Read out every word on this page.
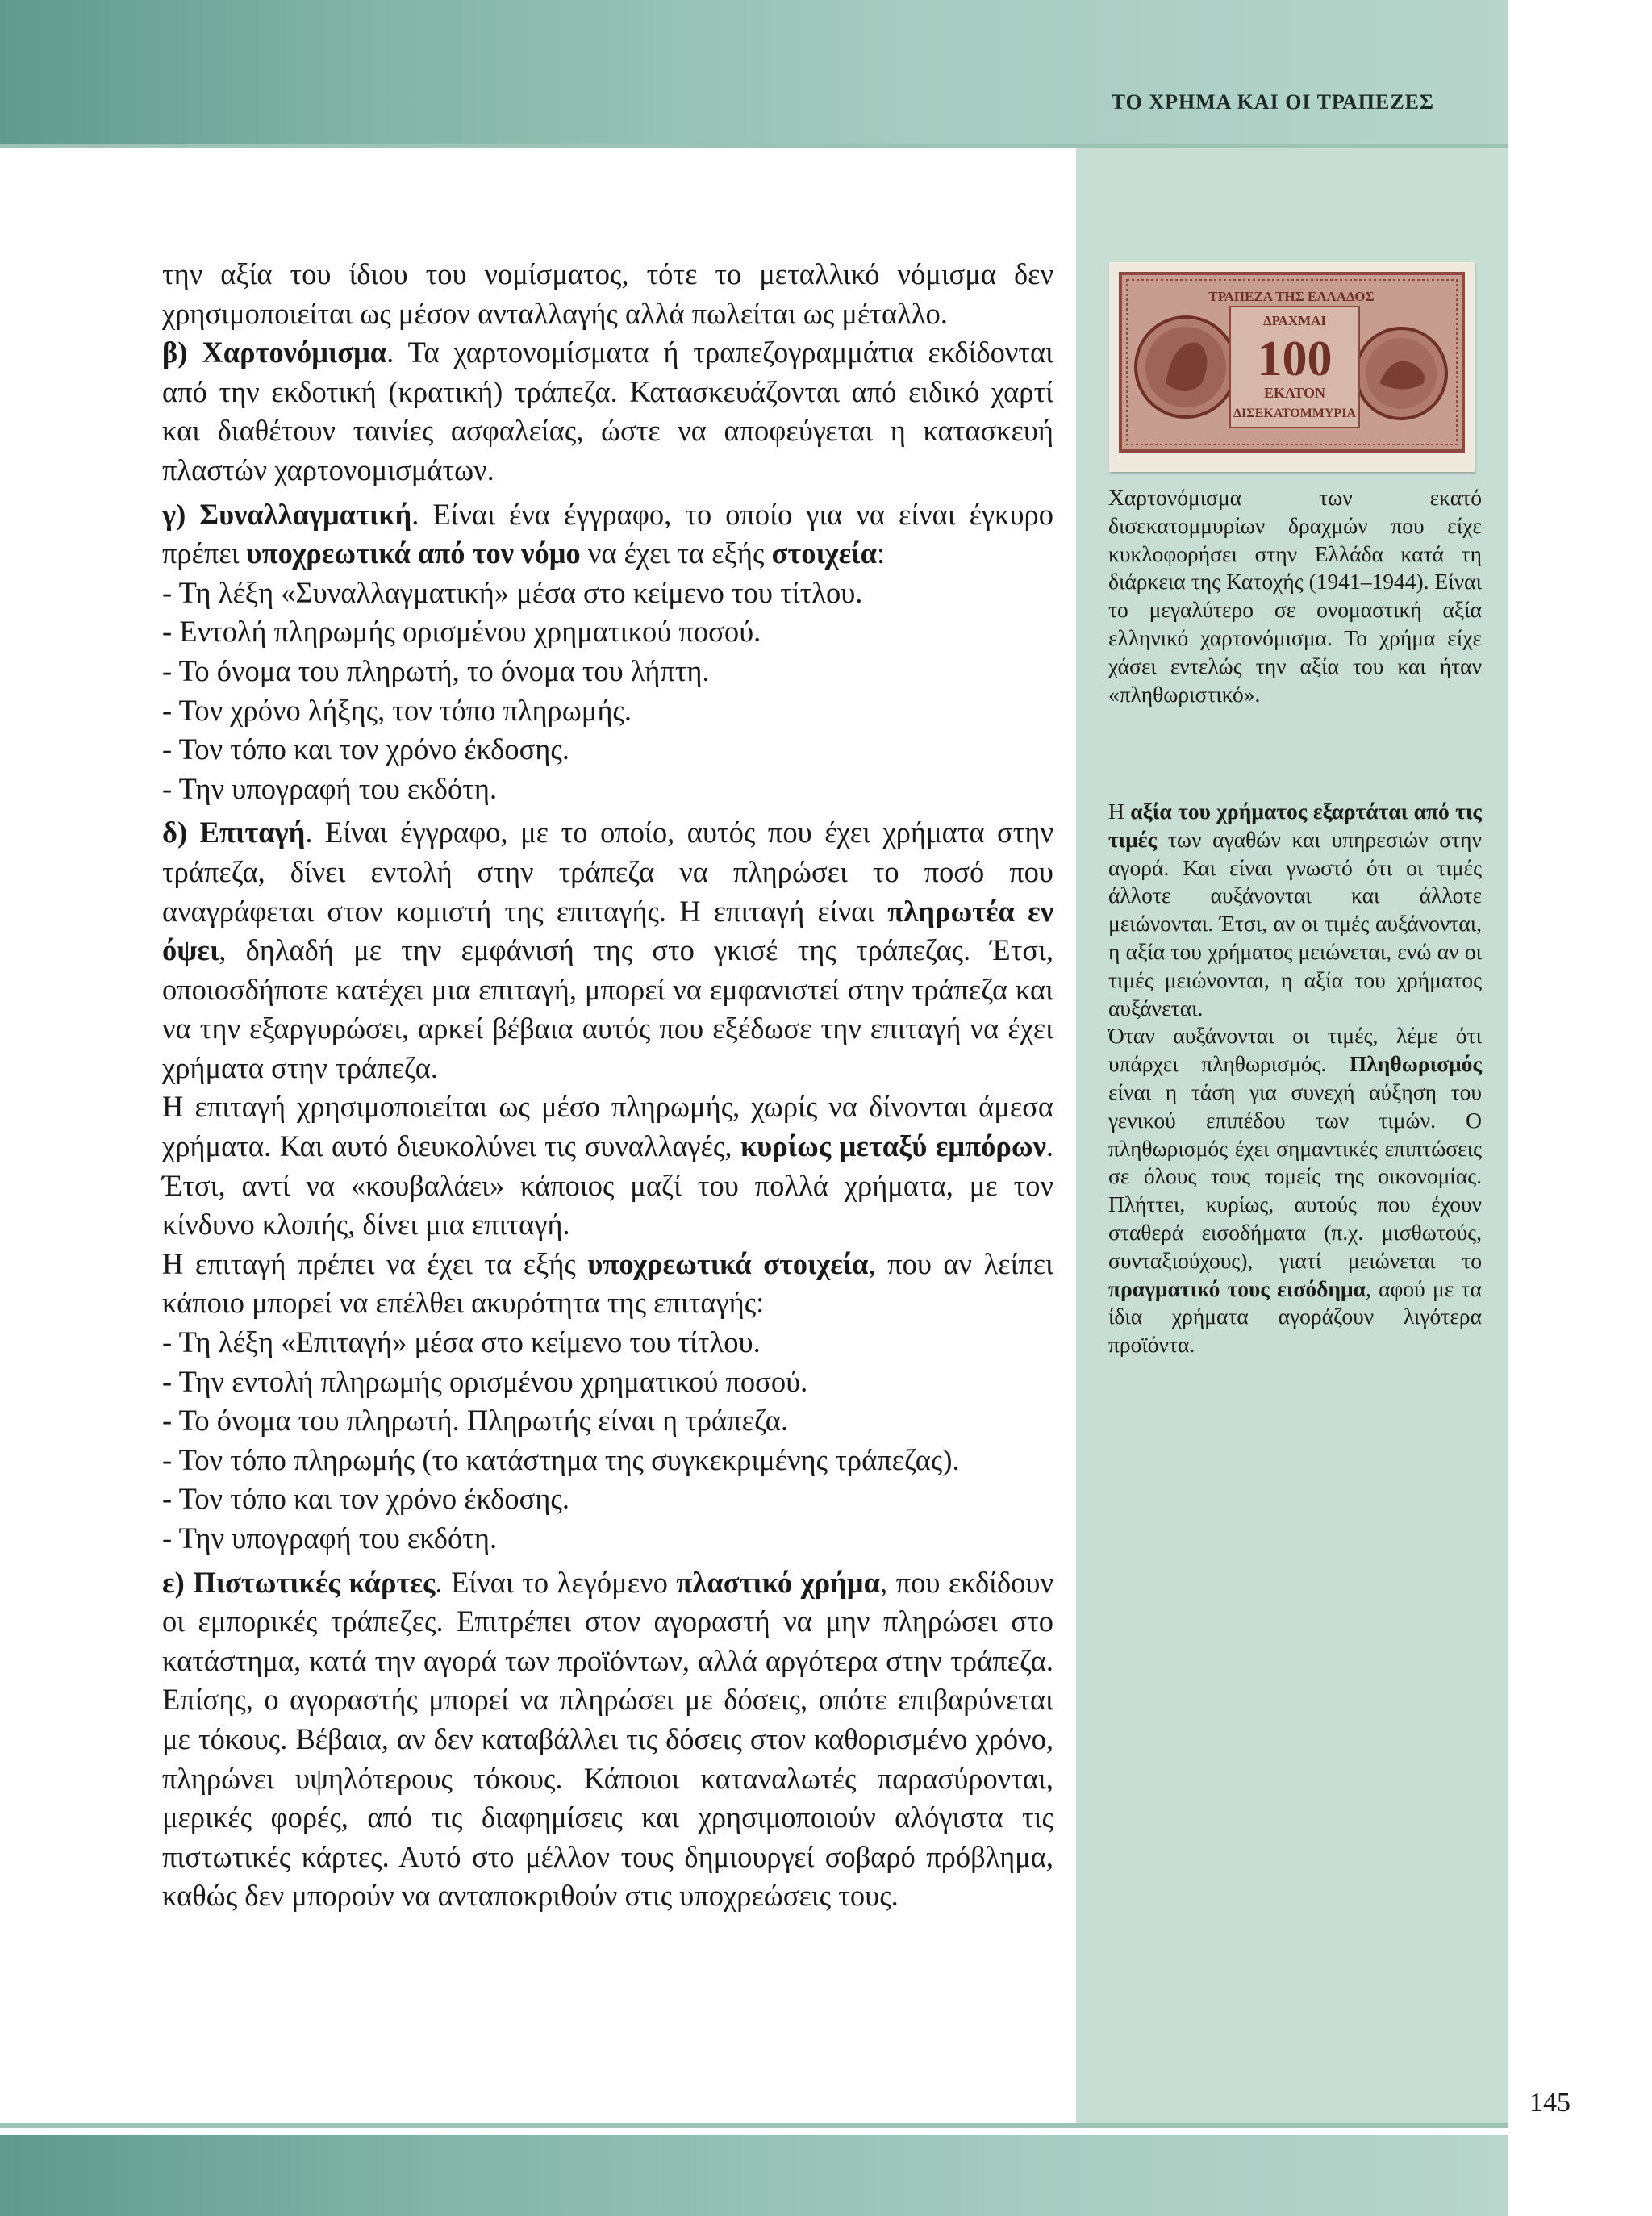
ΤΟ ΧΡΗΜΑ ΚΑΙ ΟΙ ΤΡΑΠΕΖΕΣ

την αξία του ίδιου του νομίσματος, τότε το μεταλλικό νόμισμα δεν χρησιμοποιείται ως μέσον ανταλλαγής αλλά πωλείται ως μέταλλο.

β) Χαρτονόμισμα. Τα χαρτονομίσματα ή τραπεζογραμμάτια εκδίδονται από την εκδοτική (κρατική) τράπεζα. Κατασκευάζονται από ειδικό χαρτί και διαθέτουν ταινίες ασφαλείας, ώστε να αποφεύγεται η κατασκευή πλαστών χαρτονομισμάτων.

γ) Συναλλαγματική. Είναι ένα έγγραφο, το οποίο για να είναι έγκυρο πρέπει υποχρεωτικά από τον νόμο να έχει τα εξής στοιχεία:

- Τη λέξη «Συναλλαγματική» μέσα στο κείμενο του τίτλου.

- Εντολή πληρωμής ορισμένου χρηματικού ποσού.

- Το όνομα του πληρωτή, το όνομα του λήπτη.

- Τον χρόνο λήξης, τον τόπο πληρωμής.

- Τον τόπο και τον χρόνο έκδοσης.

- Την υπογραφή του εκδότη.

δ) Επιταγή. Είναι έγγραφο, με το οποίο, αυτός που έχει χρήματα στην τράπεζα, δίνει εντολή στην τράπεζα να πληρώσει το ποσό που αναγράφεται στον κομιστή της επιταγής. Η επιταγή είναι πληρωτέα εν όψει, δηλαδή με την εμφάνισή της στο γκισέ της τράπεζας. Έτσι, οποιοσδήποτε κατέχει μια επιταγή, μπορεί να εμφανιστεί στην τράπεζα και να την εξαργυρώσει, αρκεί βέβαια αυτός που εξέδωσε την επιταγή να έχει χρήματα στην τράπεζα.

Η επιταγή χρησιμοποιείται ως μέσο πληρωμής, χωρίς να δίνονται άμεσα χρήματα. Και αυτό διευκολύνει τις συναλλαγές, κυρίως μεταξύ εμπόρων. Έτσι, αντί να «κουβαλάει» κάποιος μαζί του πολλά χρήματα, με τον κίνδυνο κλοπής, δίνει μια επιταγή.

Η επιταγή πρέπει να έχει τα εξής υποχρεωτικά στοιχεία, που αν λείπει κάποιο μπορεί να επέλθει ακυρότητα της επιταγής:

- Τη λέξη «Επιταγή» μέσα στο κείμενο του τίτλου.

- Την εντολή πληρωμής ορισμένου χρηματικού ποσού.

- Το όνομα του πληρωτή. Πληρωτής είναι η τράπεζα.

- Τον τόπο πληρωμής (το κατάστημα της συγκεκριμένης τράπεζας).

- Τον τόπο και τον χρόνο έκδοσης.

- Την υπογραφή του εκδότη.

ε) Πιστωτικές κάρτες. Είναι το λεγόμενο πλαστικό χρήμα, που εκδίδουν οι εμπορικές τράπεζες. Επιτρέπει στον αγοραστή να μην πληρώσει στο κατάστημα, κατά την αγορά των προϊόντων, αλλά αργότερα στην τράπεζα. Επίσης, ο αγοραστής μπορεί να πληρώσει με δόσεις, οπότε επιβαρύνεται με τόκους. Βέβαια, αν δεν καταβάλλει τις δόσεις στον καθορισμένο χρόνο, πληρώνει υψηλότερους τόκους. Κάποιοι καταναλωτές παρασύρονται, μερικές φορές, από τις διαφημίσεις και χρησιμοποιούν αλόγιστα τις πιστωτικές κάρτες. Αυτό στο μέλλον τους δημιουργεί σοβαρό πρόβλημα, καθώς δεν μπορούν να ανταποκριθούν στις υποχρεώσεις τους.

ΤΡΑΠΕΖΑ ΤΗΣ ΕΛΛΑΔΟΣ
ΔΡΑΧΜΑΙ
100
ΕΚΑΤΟΝ
ΔΙΣΕΚΑΤΟΜΜΥΡΙΑ
Χαρτονόμισμα των εκατό δισεκατομμυρίων δραχμών που είχε κυκλοφορήσει στην Ελλάδα κατά τη διάρκεια της Κατοχής (1941–1944). Είναι το μεγαλύτερο σε ονομαστική αξία ελληνικό χαρτονόμισμα. Το χρήμα είχε χάσει εντελώς την αξία του και ήταν «πληθωριστικό».

Η αξία του χρήματος εξαρτάται από τις τιμές των αγαθών και υπηρεσιών στην αγορά. Και είναι γνωστό ότι οι τιμές άλλοτε αυξάνονται και άλλοτε μειώνονται. Έτσι, αν οι τιμές αυξάνονται, η αξία του χρήματος μειώνεται, ενώ αν οι τιμές μειώνονται, η αξία του χρήματος αυξάνεται.

Όταν αυξάνονται οι τιμές, λέμε ότι υπάρχει πληθωρισμός. Πληθωρισμός είναι η τάση για συνεχή αύξηση του γενικού επιπέδου των τιμών. Ο πληθωρισμός έχει σημαντικές επιπτώσεις σε όλους τους τομείς της οικονομίας. Πλήττει, κυρίως, αυτούς που έχουν σταθερά εισοδήματα (π.χ. μισθωτούς, συνταξιούχους), γιατί μειώνεται το πραγματικό τους εισόδημα, αφού με τα ίδια χρήματα αγοράζουν λιγότερα προϊόντα.

145
